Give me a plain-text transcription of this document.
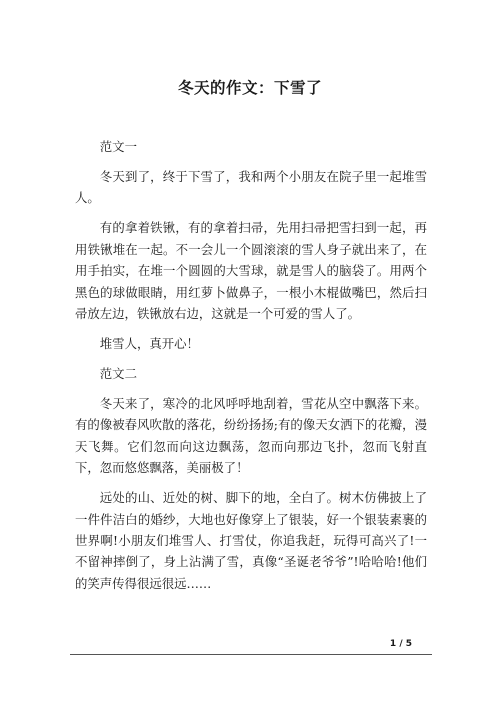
冬天的作文：下雪了

范文一

冬天到了，终于下雪了，我和两个小朋友在院子里一起堆雪人。

有的拿着铁锹，有的拿着扫帚，先用扫帚把雪扫到一起，再用铁锹堆在一起。不一会儿一个圆滚滚的雪人身子就出来了，在用手拍实，在堆一个圆圆的大雪球，就是雪人的脑袋了。用两个黑色的球做眼睛，用红萝卜做鼻子，一根小木棍做嘴巴，然后扫帚放左边，铁锹放右边，这就是一个可爱的雪人了。

堆雪人，真开心！

范文二

冬天来了，寒冷的北风呼呼地刮着，雪花从空中飘落下来。有的像被春风吹散的落花，纷纷扬扬;有的像天女洒下的花瓣，漫天飞舞。它们忽而向这边飘荡，忽而向那边飞扑，忽而飞射直下，忽而悠悠飘落，美丽极了！

远处的山、近处的树、脚下的地，全白了。树木仿佛披上了一件件洁白的婚纱，大地也好像穿上了银装，好一个银装素裹的世界啊!小朋友们堆雪人、打雪仗，你追我赶，玩得可高兴了!一不留神摔倒了，身上沾满了雪，真像“圣诞老爷爷”!哈哈哈!他们的笑声传得很远很远……

1 / 5
